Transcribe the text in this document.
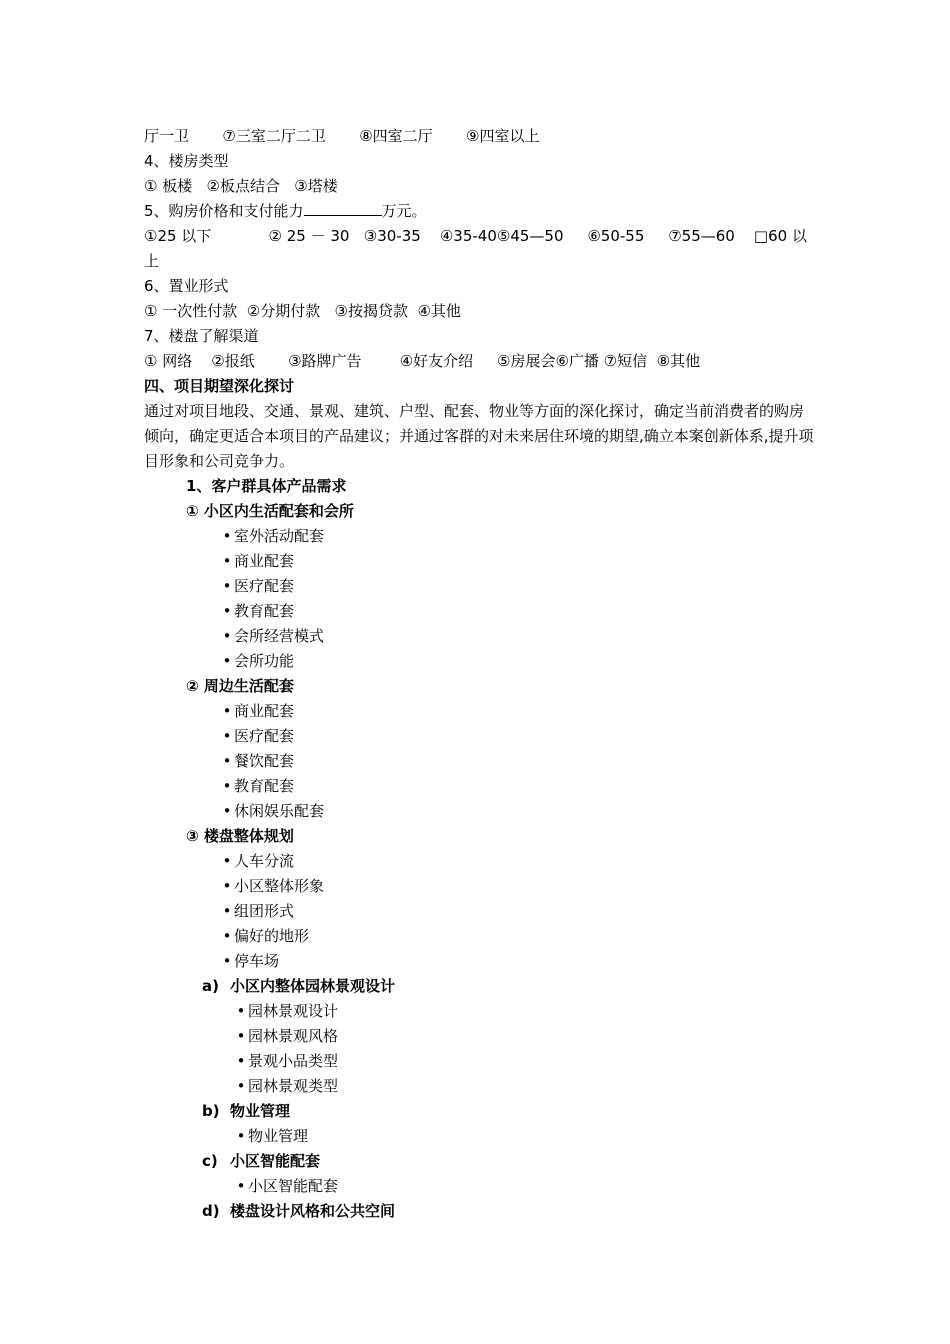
厅一卫       ⑦三室二厅二卫       ⑧四室二厅       ⑨四室以上
4、楼房类型
① 板楼   ②板点结合   ③塔楼
5、购房价格和支付能力	万元。
①25 以下            ② 25 － 30   ③30-35    ④35-40⑤45—50     ⑥50-55     ⑦55—60    □60 以上
6、置业形式
① 一次性付款  ②分期付款   ③按揭贷款  ④其他
7、楼盘了解渠道
① 网络    ②报纸       ③路牌广告        ④好友介绍     ⑤房展会⑥广播 ⑦短信  ⑧其他
四、项目期望深化探讨
通过对项目地段、交通、景观、建筑、户型、配套、物业等方面的深化探讨，确定当前消费者的购房倾向，确定更适合本项目的产品建议；并通过客群的对未来居住环境的期望,确立本案创新体系,提升项目形象和公司竞争力。
1、客户群具体产品需求
① 小区内生活配套和会所
• 室外活动配套
• 商业配套
• 医疗配套
• 教育配套
• 会所经营模式
• 会所功能
② 周边生活配套
• 商业配套
• 医疗配套
• 餐饮配套
• 教育配套
• 休闲娱乐配套
③ 楼盘整体规划
• 人车分流
• 小区整体形象
• 组团形式
• 偏好的地形
• 停车场
a) 小区内整体园林景观设计
• 园林景观设计
• 园林景观风格
• 景观小品类型
• 园林景观类型
b) 物业管理
• 物业管理
c) 小区智能配套
• 小区智能配套
d) 楼盘设计风格和公共空间
